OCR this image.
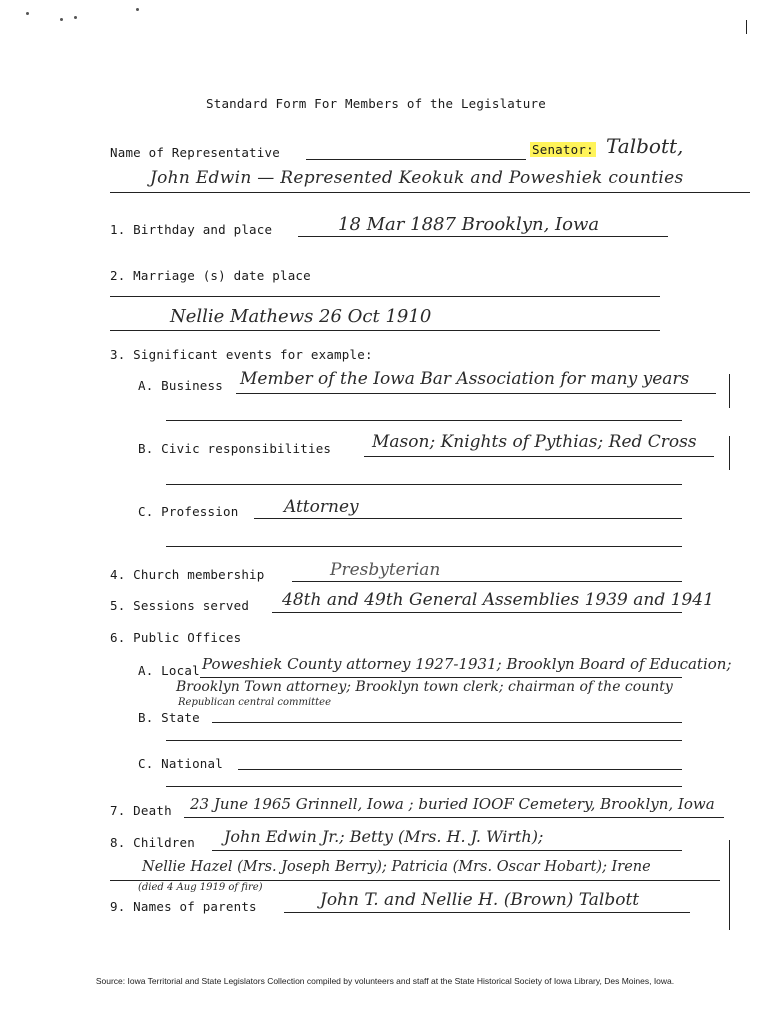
Standard Form For Members of the Legislature
Name of Representative	Senator: Talbott,
John Edwin — Represented Keokuk and Poweshiek counties
1. Birthday and place	18 Mar 1887 Brooklyn, Iowa
2. Marriage (s) date place
Nellie Mathews 26 Oct 1910
3. Significant events for example:
A. Business Member of the Iowa Bar Association for many years
B. Civic responsibilities Mason; Knights of Pythias; Red Cross
C. Profession	Attorney
4. Church membership	Presbyterian
5. Sessions served 48th and 49th General Assemblies 1939 and 1941
6. Public Offices
A. Local Poweshiek County attorney 1927-1931; Brooklyn Board of Education;
Brooklyn Town attorney; Brooklyn town clerk; chairman of the county
Republican central committee
B. State
C. National
7. Death 23 June 1965 Grinnell, Iowa ; buried IOOF Cemetery, Brooklyn, Iowa
8. Children John Edwin Jr.; Betty (Mrs. H. J. Wirth);
Nellie Hazel (Mrs. Joseph Berry); Patricia (Mrs. Oscar Hobart); Irene
(died 4 Aug 1919 of fire)
9. Names of parents	John T. and Nellie H. (Brown) Talbott
Source: Iowa Territorial and State Legislators Collection compiled by volunteers and staff at the State Historical Society of Iowa Library, Des Moines, Iowa.
